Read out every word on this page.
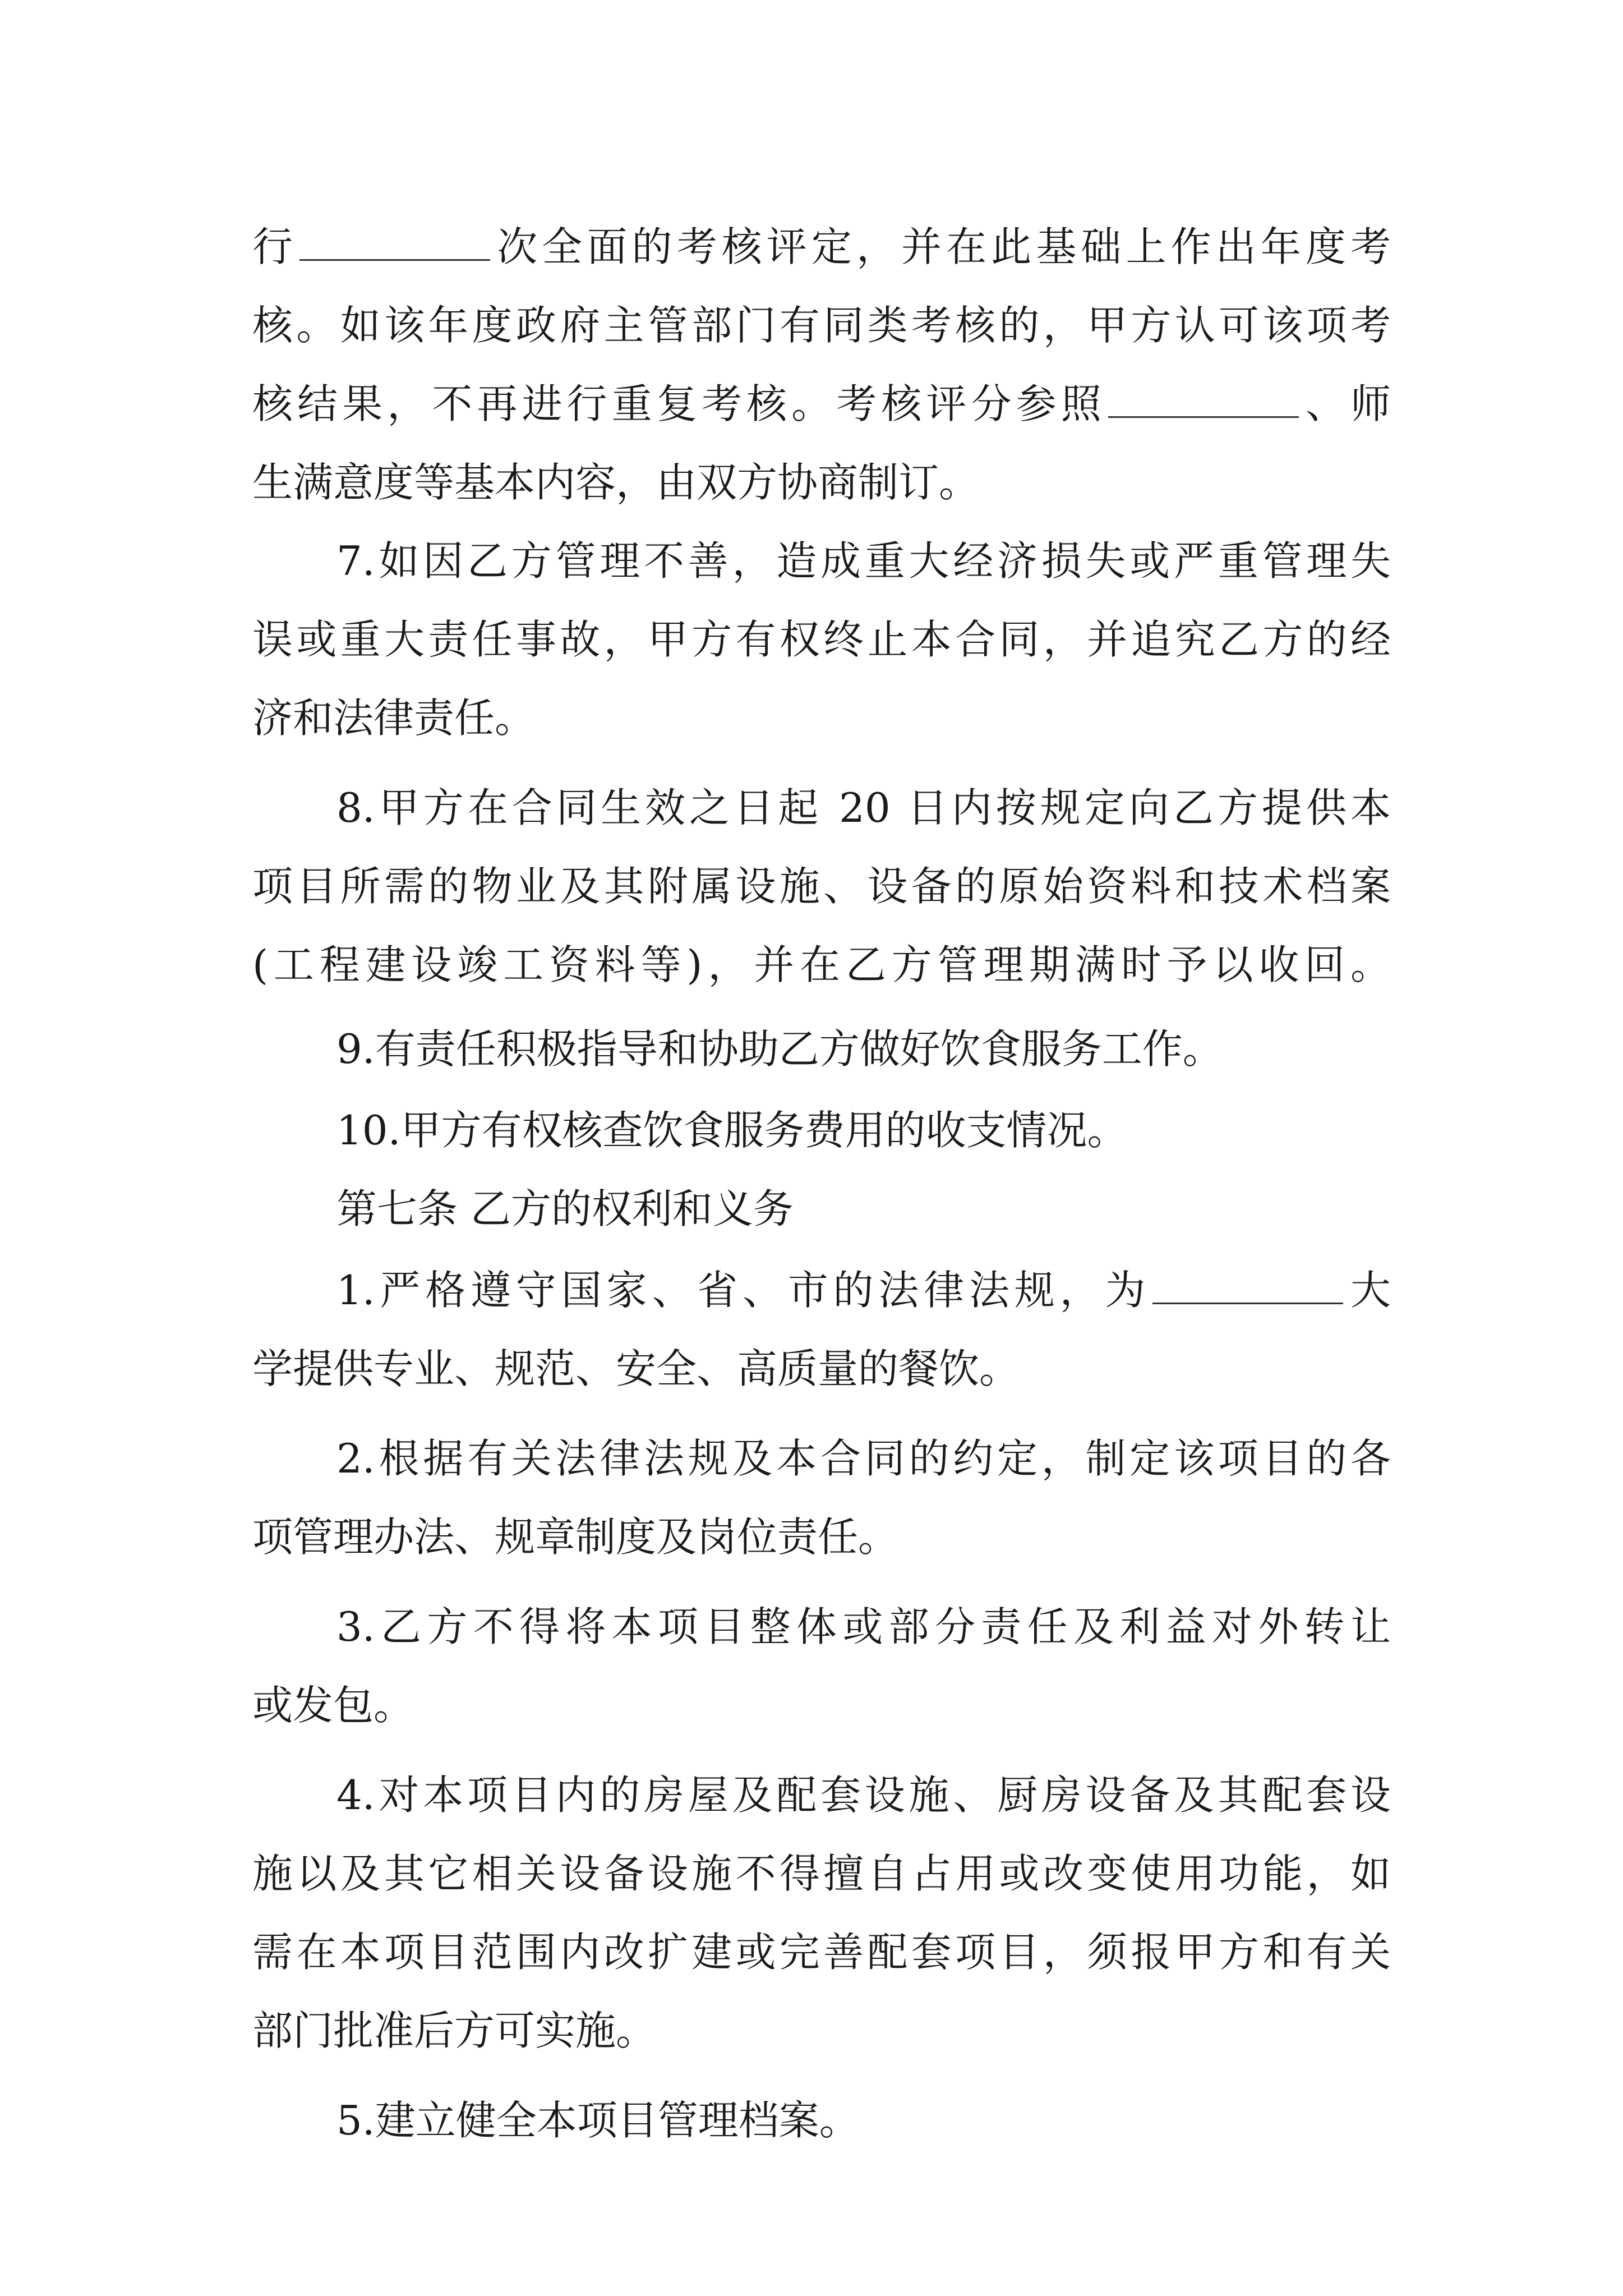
行	次全面的考核评定，并在此基础上作出年度考
核。如该年度政府主管部门有同类考核的，甲方认可该项考
核结果，不再进行重复考核。考核评分参照	、师
生满意度等基本内容，由双方协商制订。
7.如因乙方管理不善，造成重大经济损失或严重管理失
误或重大责任事故，甲方有权终止本合同，并追究乙方的经
济和法律责任。
8.甲方在合同生效之日起 20 日内按规定向乙方提供本
项目所需的物业及其附属设施、设备的原始资料和技术档案
(工程建设竣工资料等)，并在乙方管理期满时予以收回。
9.有责任积极指导和协助乙方做好饮食服务工作。
10.甲方有权核查饮食服务费用的收支情况。
第七条 乙方的权利和义务
1.严格遵守国家、省、市的法律法规，为	大
学提供专业、规范、安全、高质量的餐饮。
2.根据有关法律法规及本合同的约定，制定该项目的各
项管理办法、规章制度及岗位责任。
3.乙方不得将本项目整体或部分责任及利益对外转让
或发包。
4.对本项目内的房屋及配套设施、厨房设备及其配套设
施以及其它相关设备设施不得擅自占用或改变使用功能，如
需在本项目范围内改扩建或完善配套项目，须报甲方和有关
部门批准后方可实施。
5.建立健全本项目管理档案。
